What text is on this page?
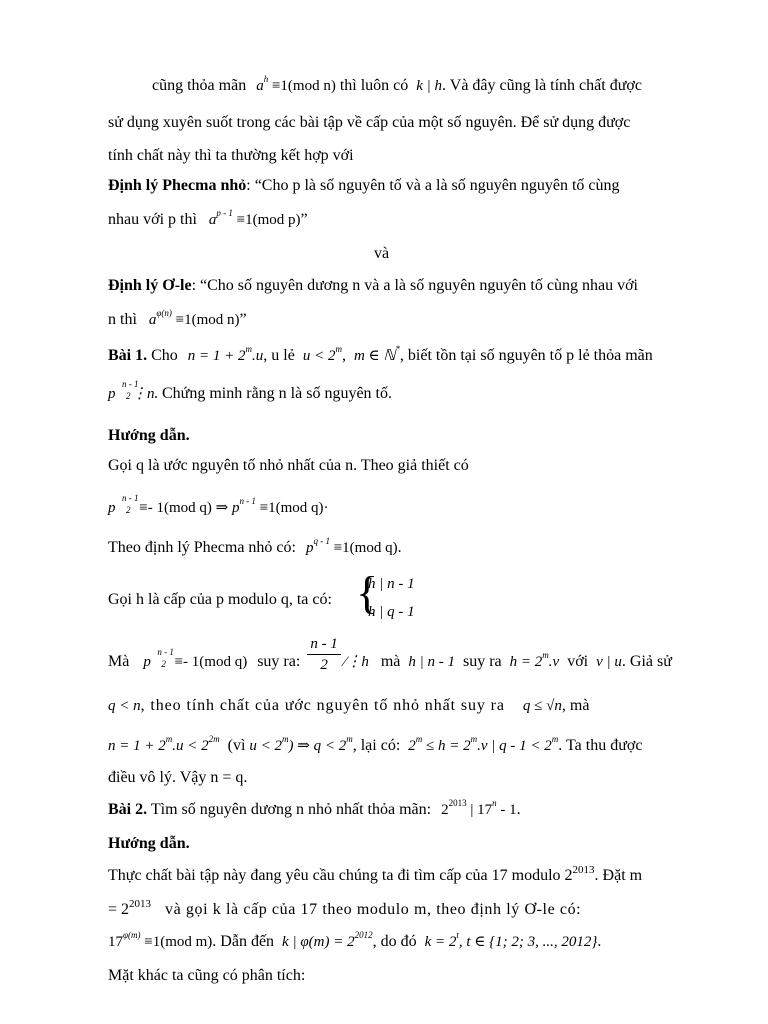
cũng thỏa mãn $a^h \equiv 1(mod$ n) thì luôn có k | h. Và đây cũng là tính chất được
sử dụng xuyên suốt trong các bài tập về cấp của một số nguyên. Để sử dụng được
tính chất này thì ta thường kết hợp với
Định lý Phecma nhỏ: “Cho p là số nguyên tố và a là số nguyên nguyên tố cùng
nhau với p thì $a^{p - 1} \equiv 1(mod$ p)”
và
Định lý Ơ-le: “Cho số nguyên dương n và a là số nguyên nguyên tố cùng nhau với
n thì $a^{\varphi(n)} \equiv 1(mod$ n)”
Bài 1. Cho $n = 1 + 2^m.u$, u lẻ $u < 2^m$, m ∈ ℕ*, biết tồn tại số nguyên tố p lẻ thỏa mãn
n - 1
2
p ⋮n . Chứng minh rằng n là số nguyên tố.
Hướng dẫn.
Gọi q là ước nguyên tố nhỏ nhất của n. Theo giả thiết có
n - 1
2
p ≡- 1(mod q) ⇒ $p^{n - 1} \equiv 1(mod$ q)·
Theo định lý Phecma nhỏ có: $p^{q - 1} \equiv 1(mod$ q).
Gọi h là cấp của p modulo q, ta có: {
h | n - 1
h | q - 1
Mà
n - 1
2
p ≡- 1(mod q) suy ra: $\frac{n - 1}{2}$ ⁄⋮h mà h | n - 1 suy ra $h = 2^m.v$ với v | u. Giả sử
q < n, theo tính chất của ước nguyên tố nhỏ nhất suy ra q ≤ √n, mà
$n = 1 + 2^m.u < 2^{2m}$ (vì $u < 2^m$) ⇒ $q < 2^m$, lại có: $2^m \le h = 2^m.v$ | $q - 1 < 2^m$. Ta thu được
điều vô lý. Vậy n = q.
Bài 2. Tìm số nguyên dương n nhỏ nhất thỏa mãn: $2^{2013}$ | 17$^n$ - 1.
Hướng dẫn.
Thực chất bài tập này đang yêu cầu chúng ta đi tìm cấp của 17 modulo $2^{2013}$. Đặt m
= $2^{2013}$ và gọi k là cấp của 17 theo modulo m, theo định lý Ơ-le có:
$17^{\varphi(m)} \equiv 1(mod$ m). Dẫn đến k | $\varphi(m) = 2^{2012}$, do đó $k = 2^t$, t ∈ {1; 2; 3, ..., 2012}.
Mặt khác ta cũng có phân tích:
